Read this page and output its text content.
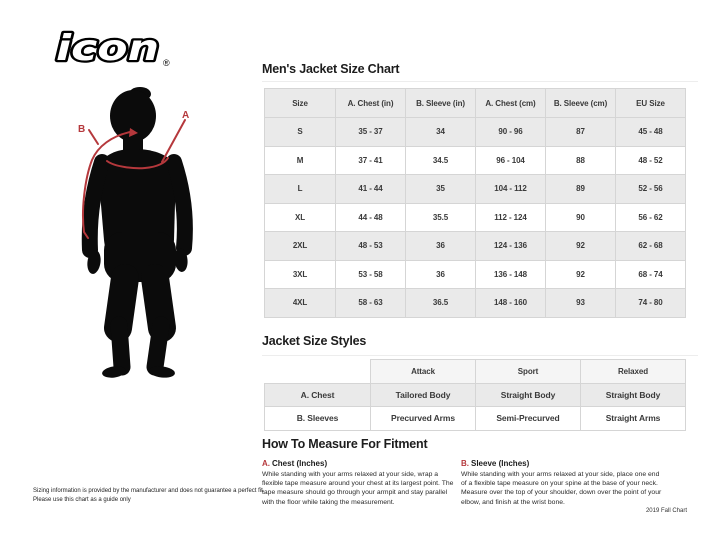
icon ®
B
A
Men's Jacket Size Chart
Size	A. Chest (in)	B. Sleeve (in)	A. Chest (cm)	B. Sleeve (cm)	EU Size
S	35 - 37	34	90 - 96	87	45 - 48
M	37 - 41	34.5	96 - 104	88	48 - 52
L	41 - 44	35	104 - 112	89	52 - 56
XL	44 - 48	35.5	112 - 124	90	56 - 62
2XL	48 - 53	36	124 - 136	92	62 - 68
3XL	53 - 58	36	136 - 148	92	68 - 74
4XL	58 - 63	36.5	148 - 160	93	74 - 80
Jacket Size Styles
	Attack	Sport	Relaxed
A. Chest	Tailored Body	Straight Body	Straight Body
B. Sleeves	Precurved Arms	Semi-Precurved	Straight Arms
How To Measure For Fitment
A. Chest (Inches)

While standing with your arms relaxed at your side, wrap a flexible tape measure around your chest at its largest point. The tape measure should go through your armpit and stay parallel with the floor while taking the measurement.

B. Sleeve (Inches)

While standing with your arms relaxed at your side, place one end of a flexible tape measure on your spine at the base of your neck. Measure over the top of your shoulder, down over the point of your elbow, and finish at the wrist bone.

Sizing information is provided by the manufacturer and does not guarantee a perfect fit.
Please use this chart as a guide only
2019 Fall Chart
